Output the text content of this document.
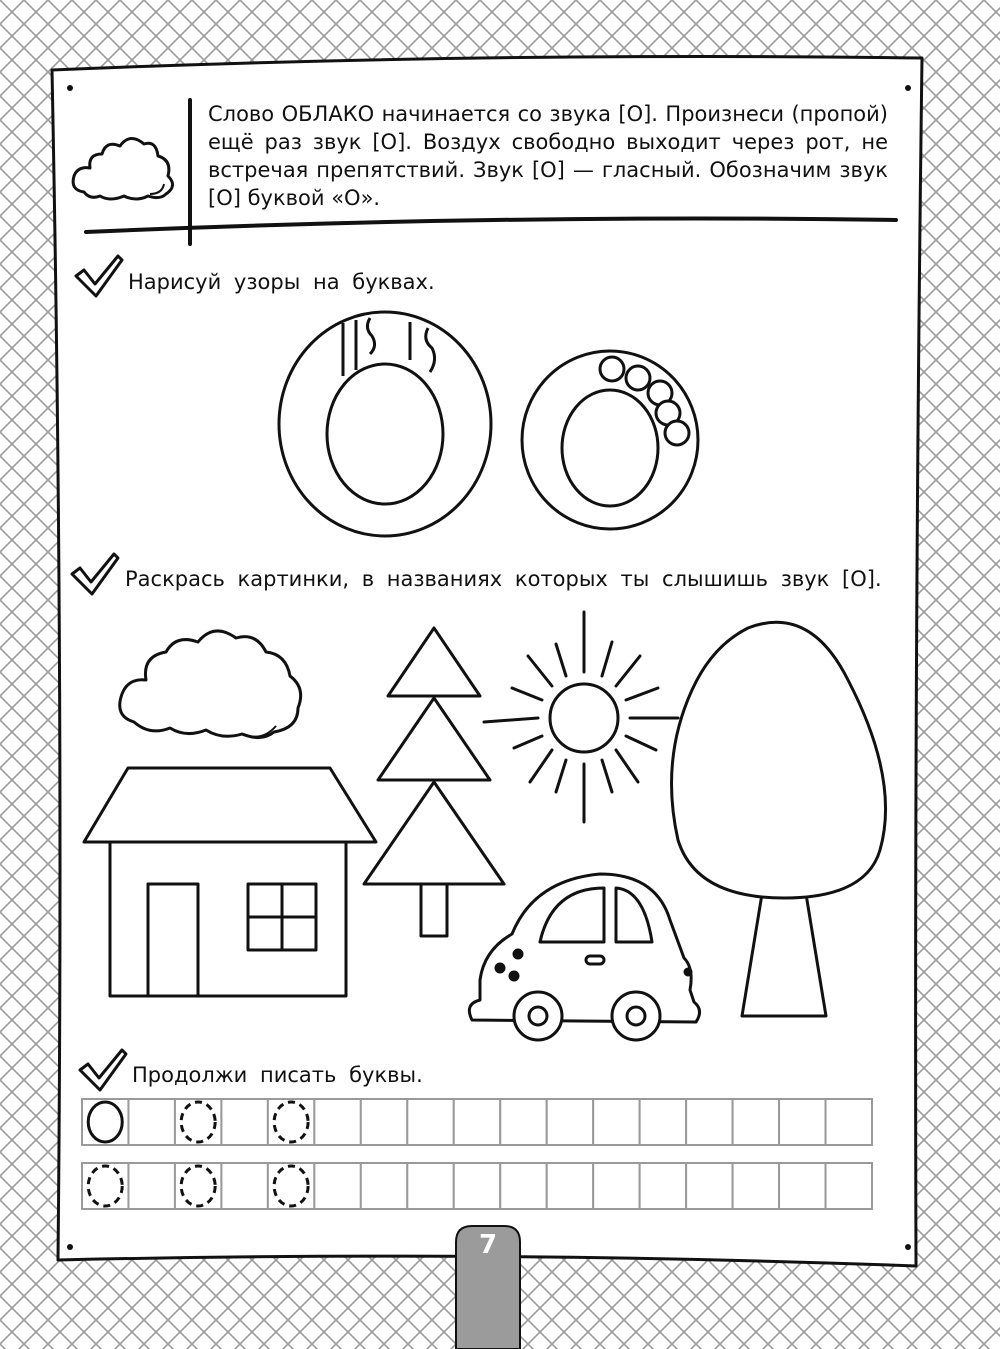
Слово ОБЛАКО начинается со звука [О]. Произнеси (пропой) ещё раз звук [О]. Воздух свободно выходит через рот, не встречая препятствий. Звук [О] — гласный. Обозначим звук [О] буквой «О».
Нарисуй узоры на буквах.
Раскрась картинки, в названиях которых ты слышишь звук [О].
Продолжи писать буквы.
7
